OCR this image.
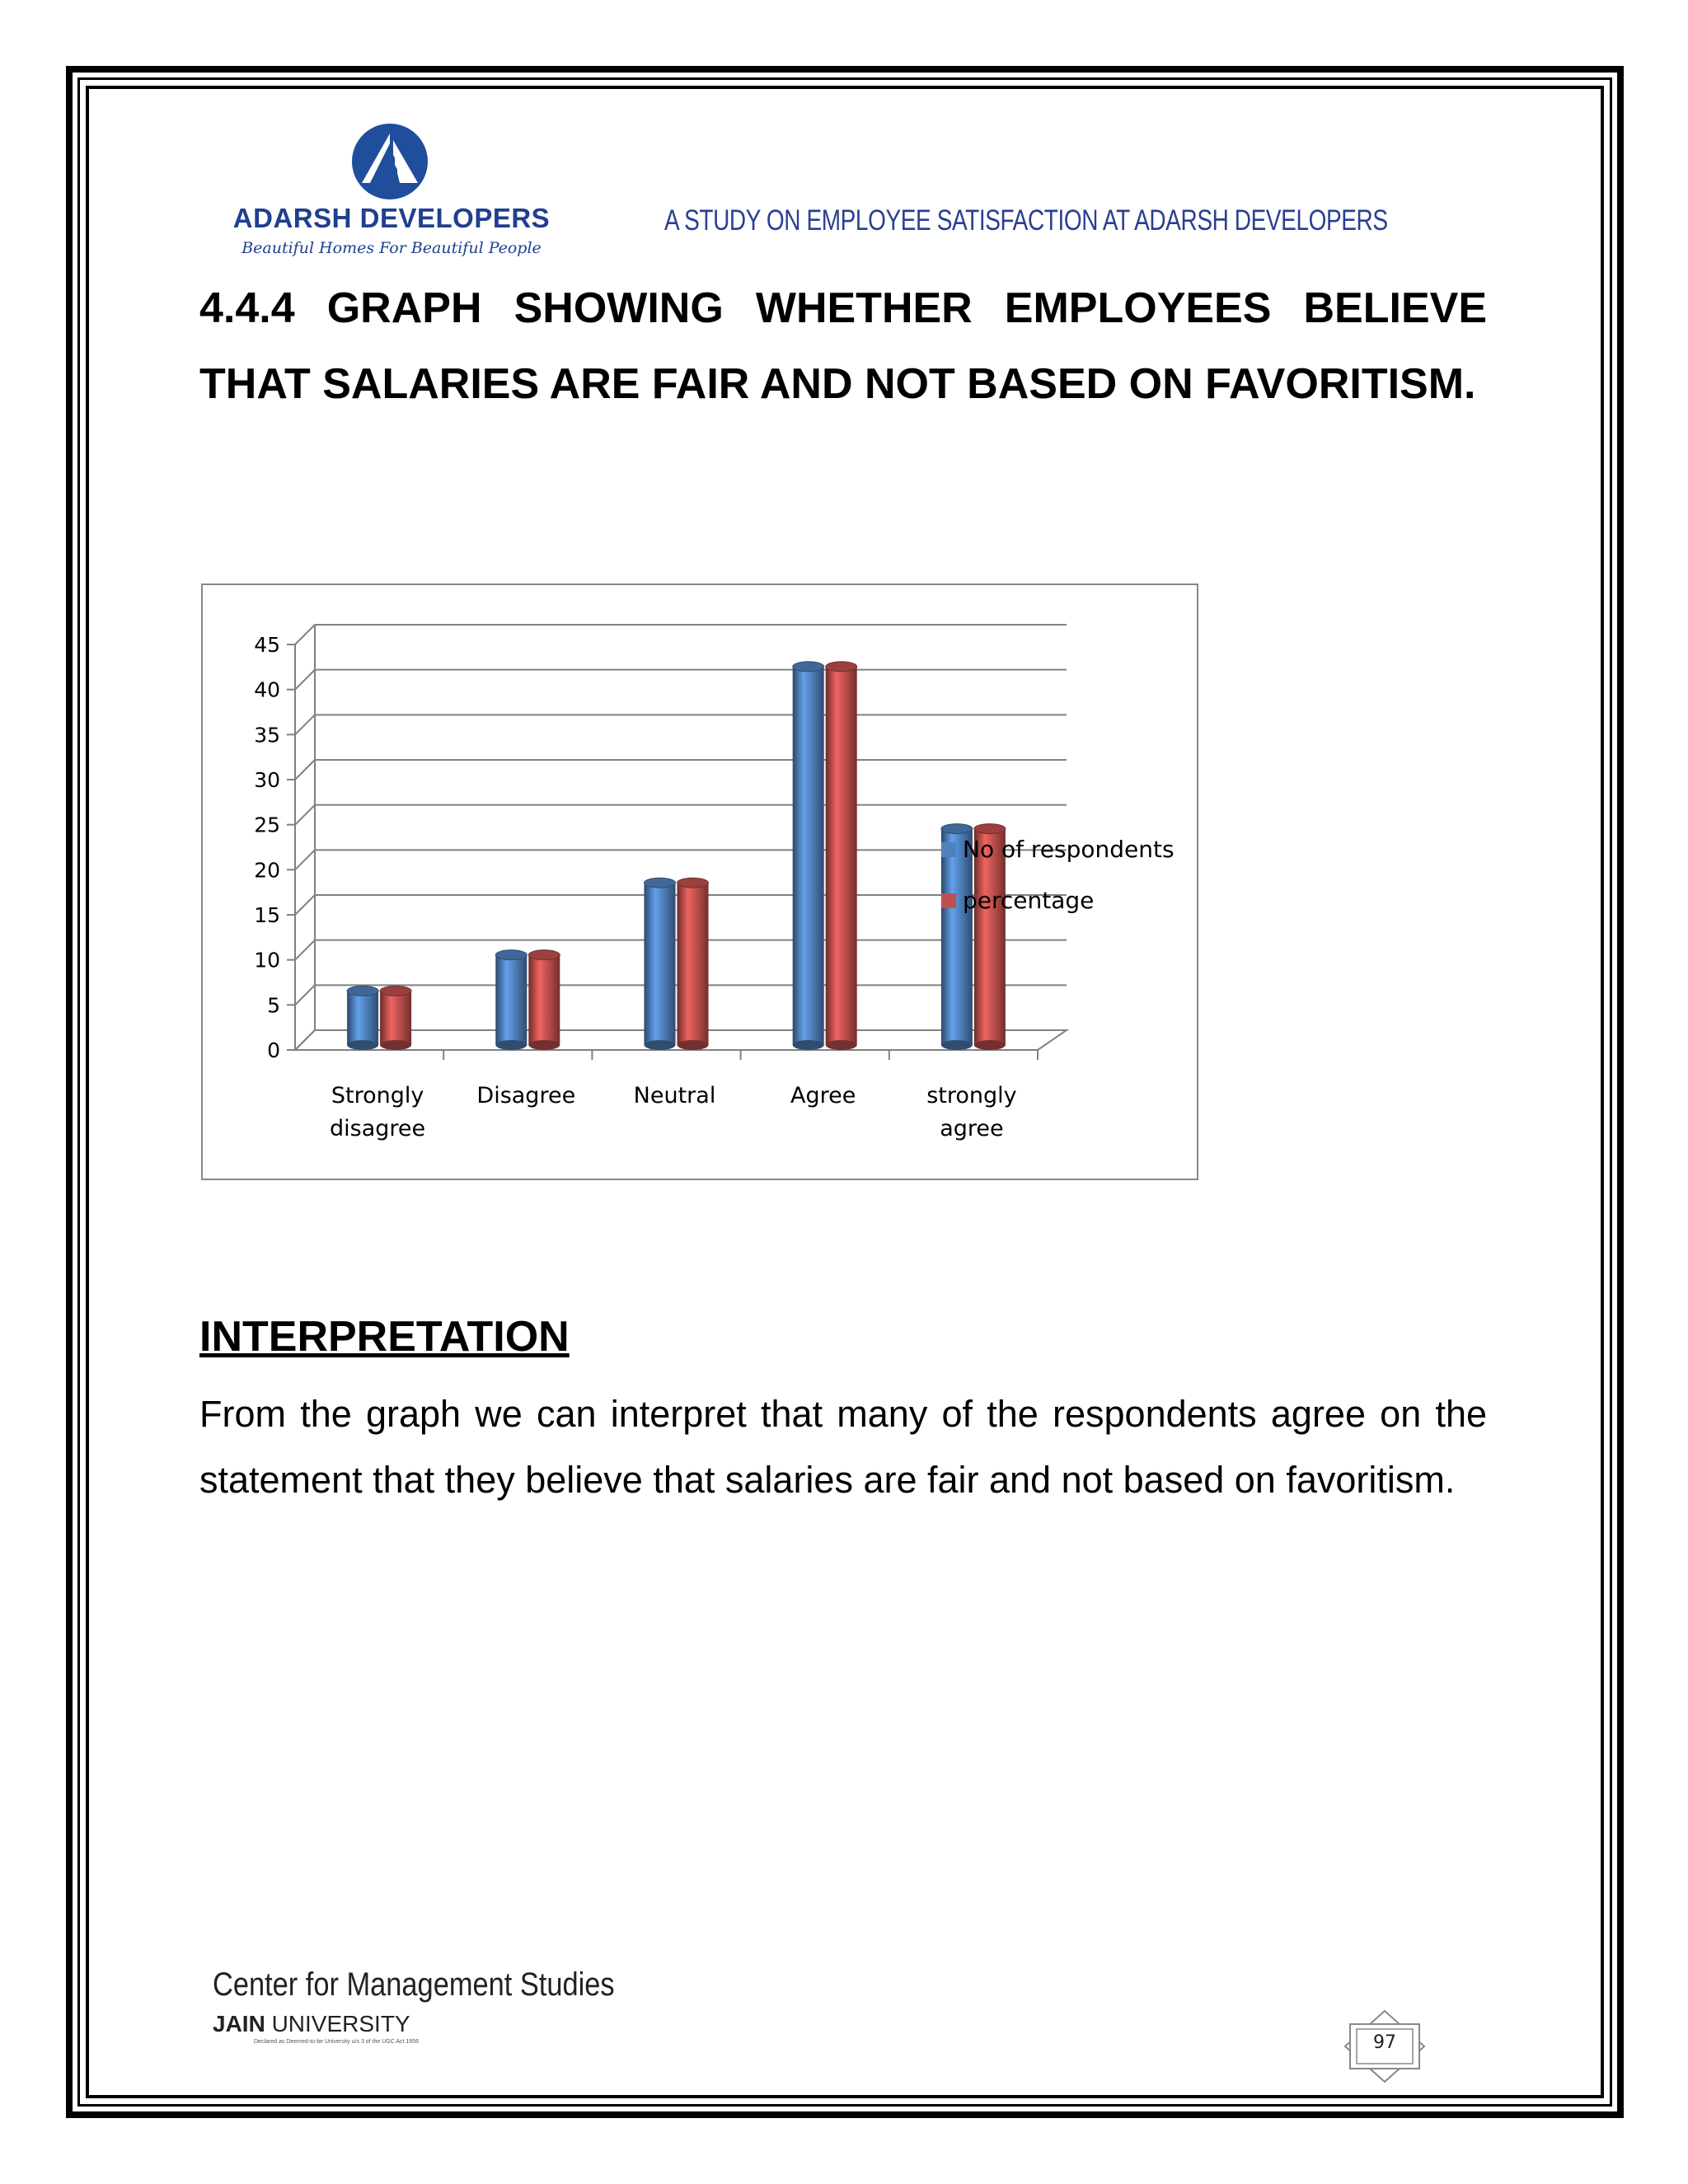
ADARSH DEVELOPERS
Beautiful Homes For Beautiful People
A STUDY ON EMPLOYEE SATISFACTION AT ADARSH DEVELOPERS

4.4.4 GRAPH SHOWING WHETHER EMPLOYEES BELIEVE THAT SALARIES ARE FAIR AND NOT BASED ON FAVORITISM.

0
5
10
15
20
25
30
35
40
45
Strongly
disagree
Disagree	Neutral	Agree	strongly
agree
No of respondents
percentage
INTERPRETATION

From the graph we can interpret that many of the respondents agree on the statement that they believe that salaries are fair and not based on favoritism.

Center for Management Studies
JAIN UNIVERSITY
Declared as Deemed-to-be University u/s 3 of the UGC Act 1956	97
